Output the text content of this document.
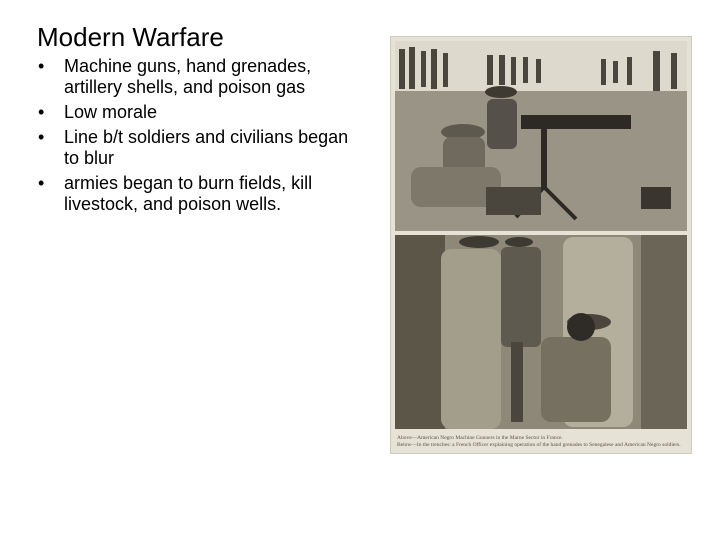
Modern Warfare
• Machine guns, hand grenades, artillery shells, and poison gas
• Low morale
• Line b/t soldiers and civilians began to blur
• armies began to burn fields, kill livestock, and poison wells.
Above—American Negro Machine Gunners in the Marne Sector in France.
Below—In the trenches: a French Officer explaining operation of the hand grenades to Senegalese and American Negro soldiers.
